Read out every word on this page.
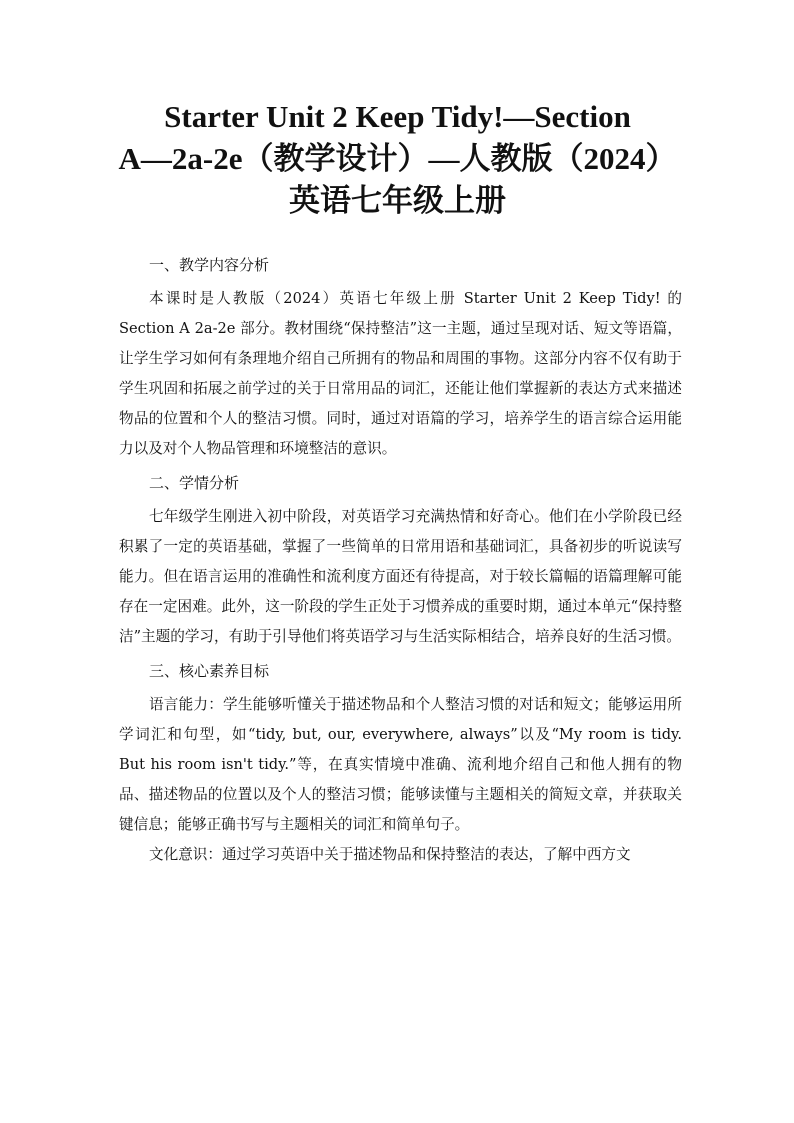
Starter Unit 2 Keep Tidy!—Section
A—2a-2e（教学设计）—人教版（2024）
英语七年级上册
一、教学内容分析

本课时是人教版（2024）英语七年级上册 Starter Unit 2 Keep Tidy! 的 Section A 2a-2e 部分。教材围绕“保持整洁”这一主题，通过呈现对话、短文等语篇，让学生学习如何有条理地介绍自己所拥有的物品和周围的事物。这部分内容不仅有助于学生巩固和拓展之前学过的关于日常用品的词汇，还能让他们掌握新的表达方式来描述物品的位置和个人的整洁习惯。同时，通过对语篇的学习，培养学生的语言综合运用能力以及对个人物品管理和环境整洁的意识。

二、学情分析

七年级学生刚进入初中阶段，对英语学习充满热情和好奇心。他们在小学阶段已经积累了一定的英语基础，掌握了一些简单的日常用语和基础词汇，具备初步的听说读写能力。但在语言运用的准确性和流利度方面还有待提高，对于较长篇幅的语篇理解可能存在一定困难。此外，这一阶段的学生正处于习惯养成的重要时期，通过本单元“保持整洁”主题的学习，有助于引导他们将英语学习与生活实际相结合，培养良好的生活习惯。

三、核心素养目标

语言能力：学生能够听懂关于描述物品和个人整洁习惯的对话和短文；能够运用所学词汇和句型，如“tidy, but, our, everywhere, always”以及“My room is tidy. But his room isn't tidy.”等，在真实情境中准确、流利地介绍自己和他人拥有的物品、描述物品的位置以及个人的整洁习惯；能够读懂与主题相关的简短文章，并获取关键信息；能够正确书写与主题相关的词汇和简单句子。

文化意识：通过学习英语中关于描述物品和保持整洁的表达，了解中西方文
